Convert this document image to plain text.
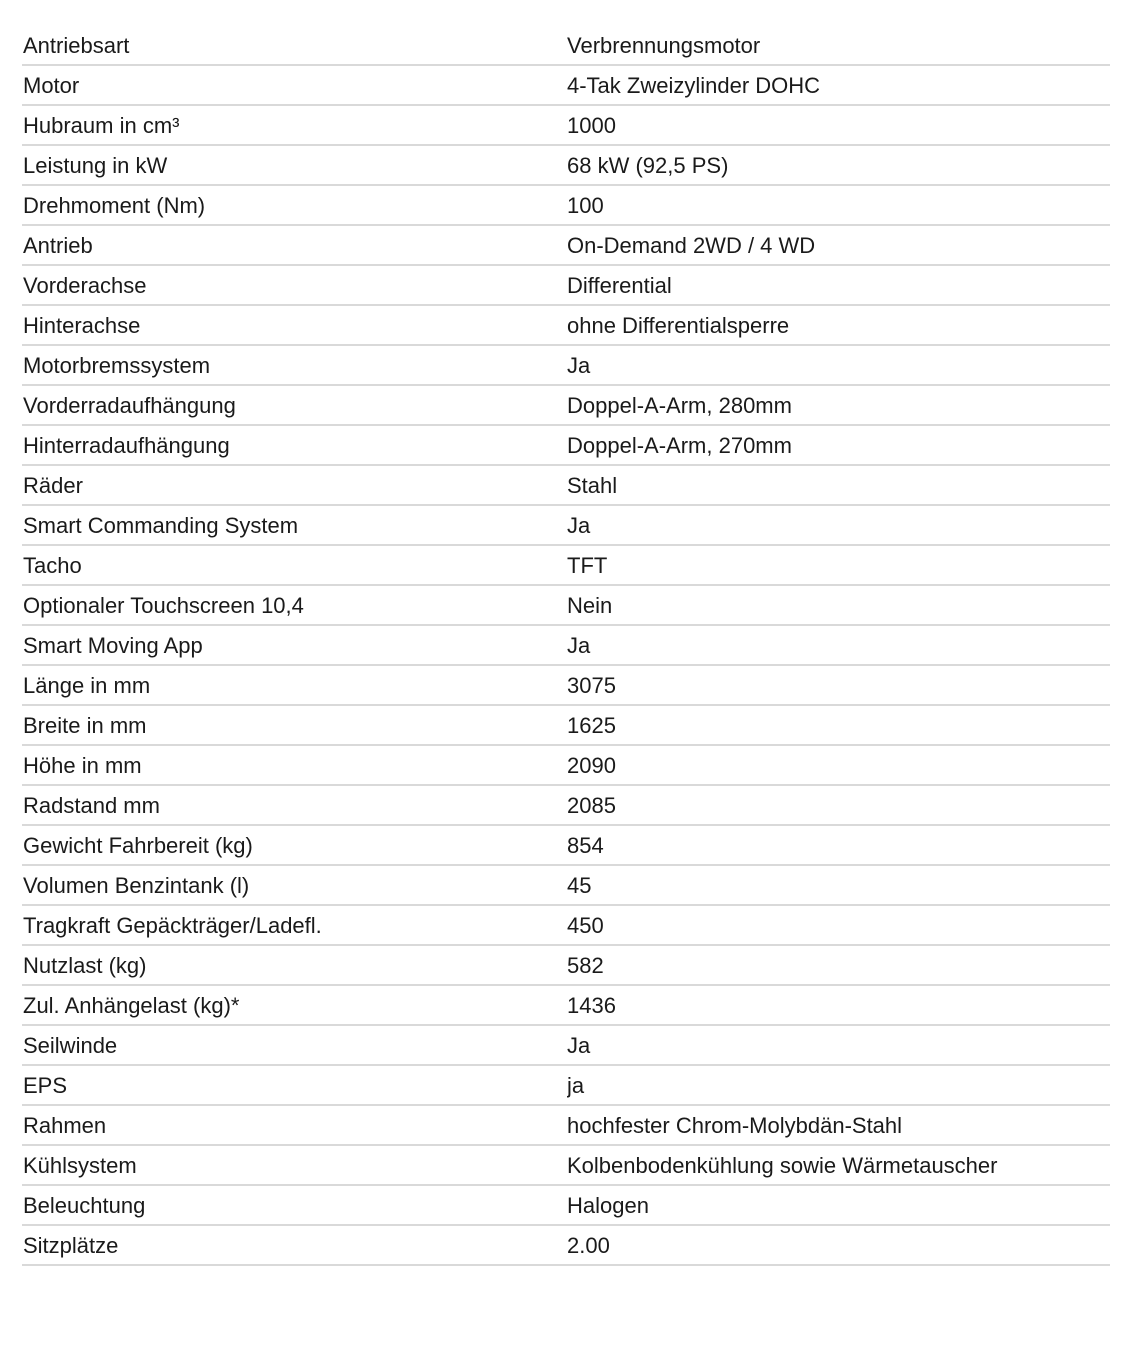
Antriebsart	Verbrennungsmotor
Motor	4-Tak Zweizylinder DOHC
Hubraum in cm³	1000
Leistung in kW	68 kW (92,5 PS)
Drehmoment (Nm)	100
Antrieb	On-Demand 2WD / 4 WD
Vorderachse	Differential
Hinterachse	ohne Differentialsperre
Motorbremssystem	Ja
Vorderradaufhängung	Doppel-A-Arm, 280mm
Hinterradaufhängung	Doppel-A-Arm, 270mm
Räder	Stahl
Smart Commanding System	Ja
Tacho	TFT
Optionaler Touchscreen 10,4	Nein
Smart Moving App	Ja
Länge in mm	3075
Breite in mm	1625
Höhe in mm	2090
Radstand mm	2085
Gewicht Fahrbereit (kg)	854
Volumen Benzintank (l)	45
Tragkraft Gepäckträger/Ladefl.	450
Nutzlast (kg)	582
Zul. Anhängelast (kg)*	1436
Seilwinde	Ja
EPS	ja
Rahmen	hochfester Chrom-Molybdän-Stahl
Kühlsystem	Kolbenbodenkühlung sowie Wärmetauscher
Beleuchtung	Halogen
Sitzplätze	2.00
